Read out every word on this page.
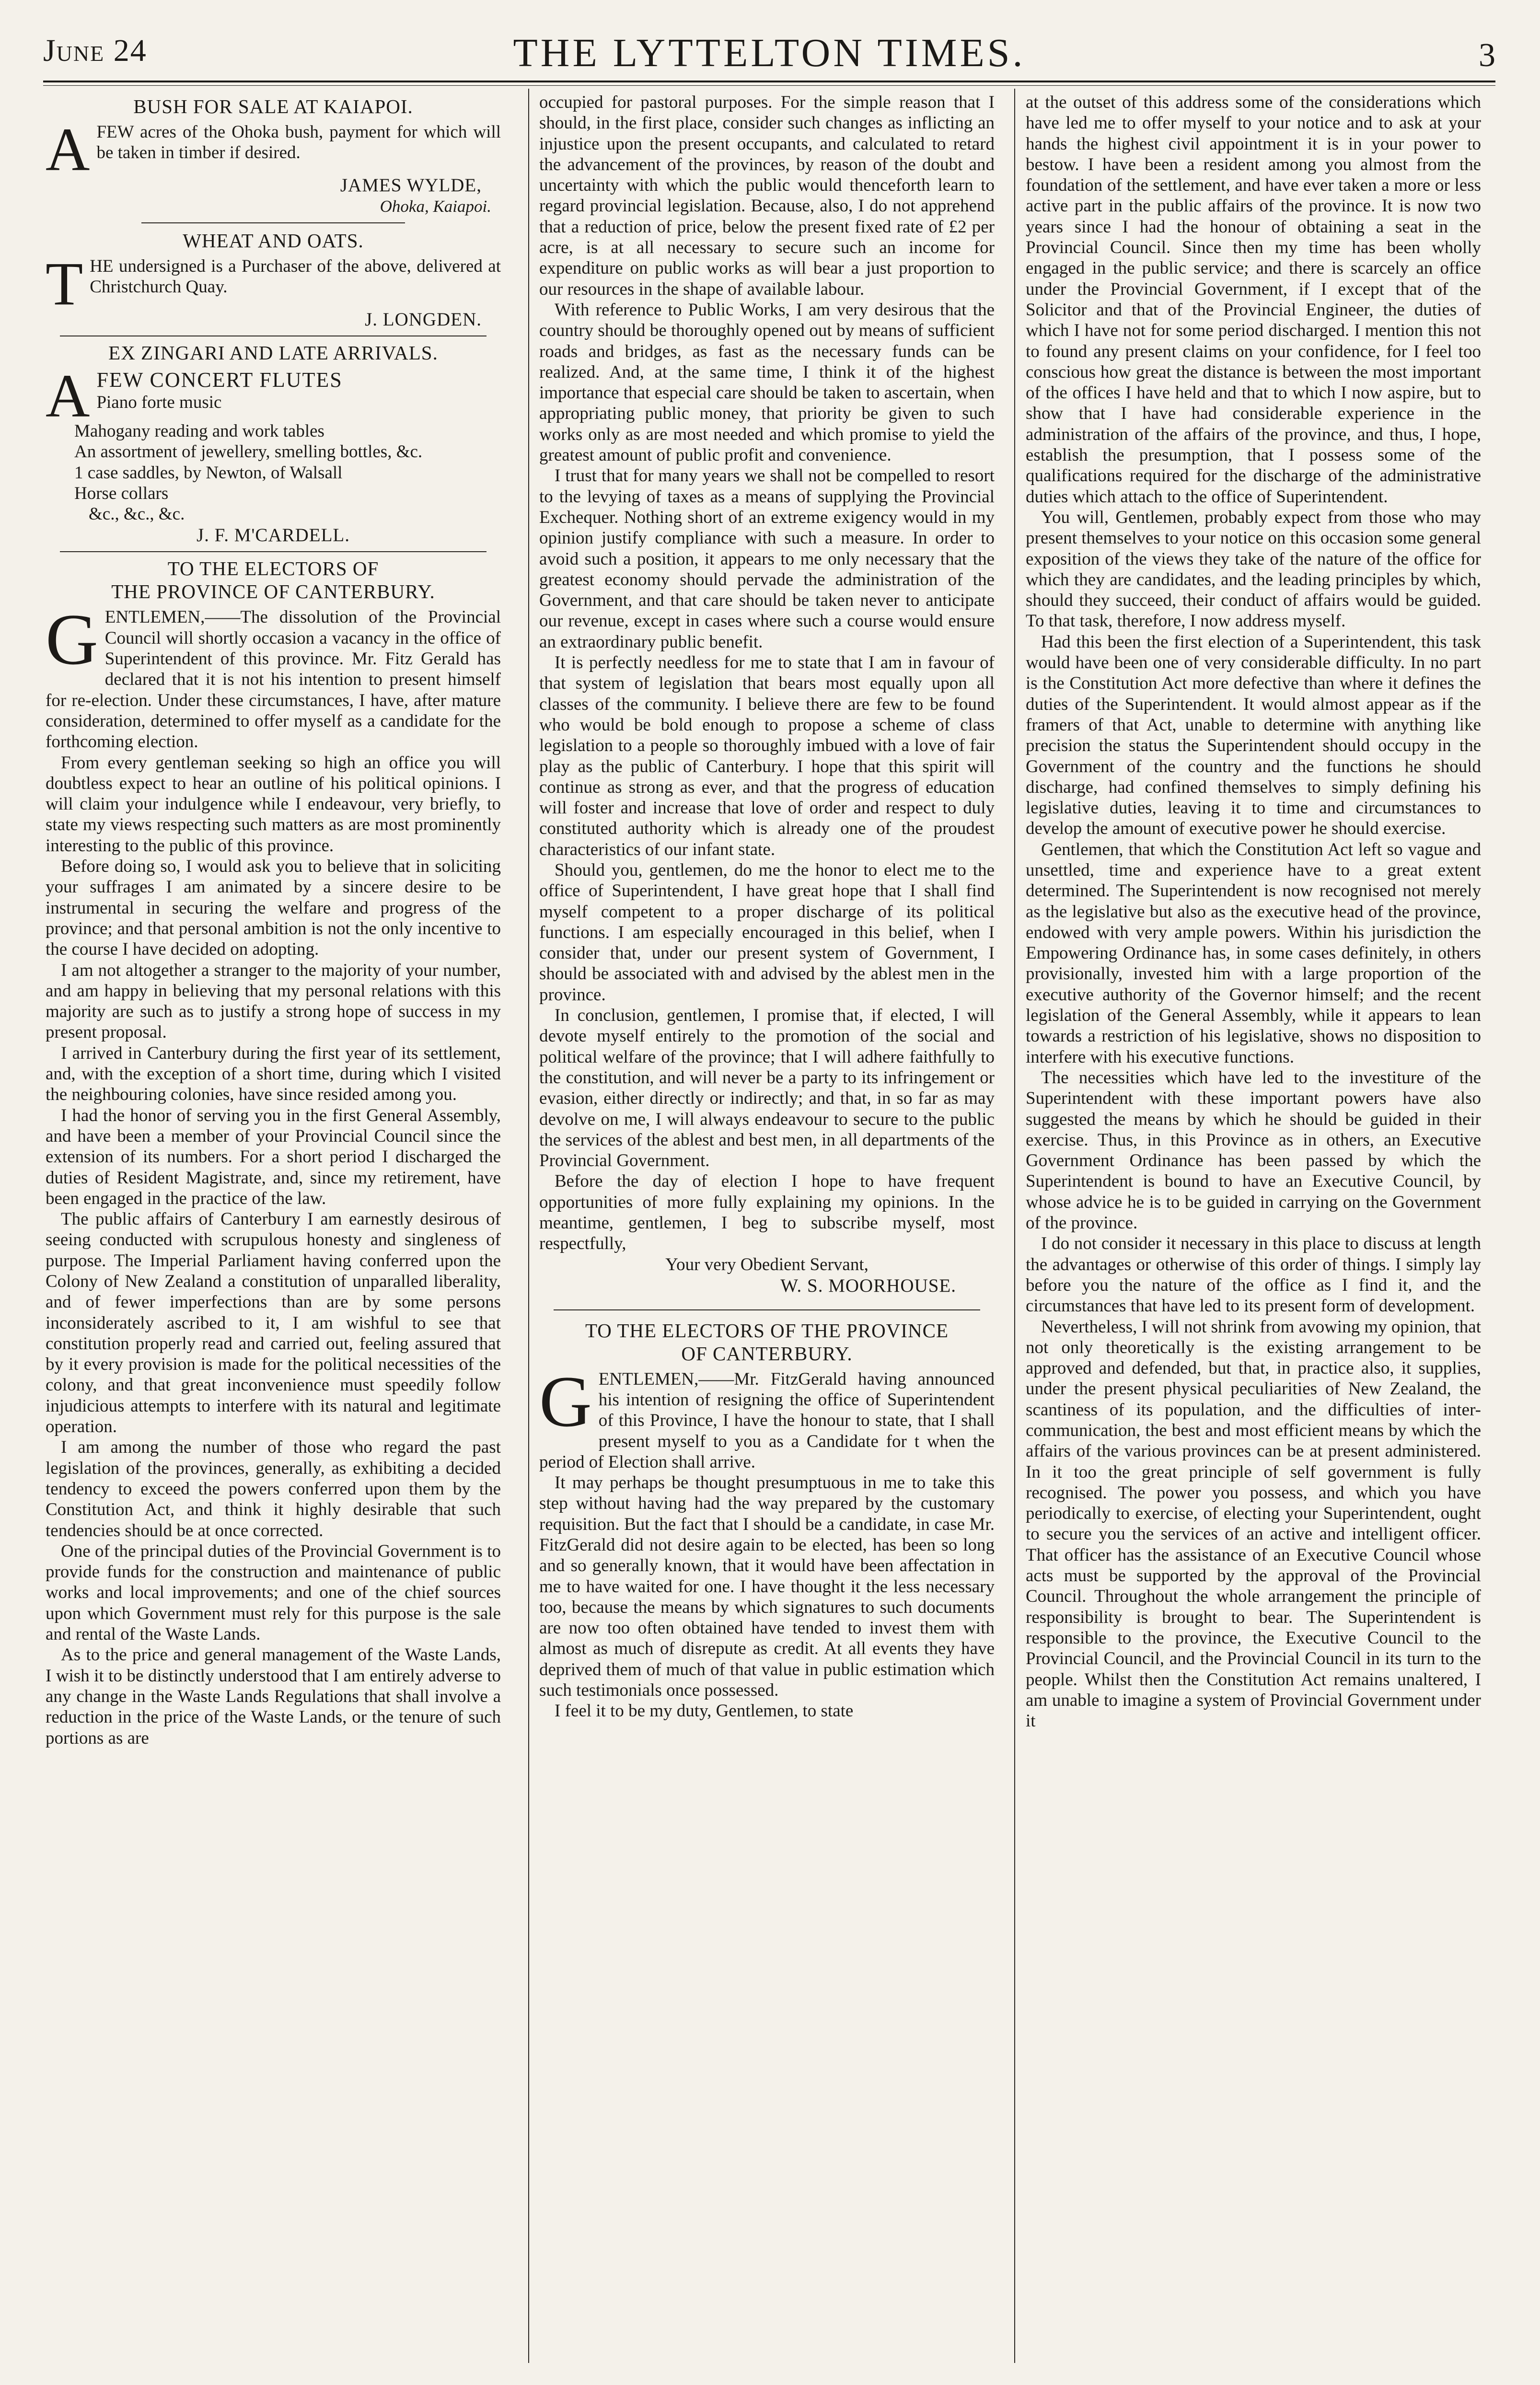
June 24	THE LYTTELTON TIMES.	3
BUSH FOR SALE AT KAIAPOI.
A FEW acres of the Ohoka bush, payment for which will be taken in timber if desired.

JAMES WYLDE,
Ohoka, Kaiapoi.
WHEAT AND OATS.
T HE undersigned is a Purchaser of the above, delivered at Christchurch Quay.

J. LONGDEN.
EX ZINGARI AND LATE ARRIVALS.
A FEW CONCERT FLUTES

Piano forte music

Mahogany reading and work tables

An assortment of jewellery, smelling bottles, &c.

1 case saddles, by Newton, of Walsall

Horse collars

&c., &c., &c.

J. F. M'CARDELL.
TO THE ELECTORS OF
THE PROVINCE OF CANTERBURY.
G ENTLEMEN,——The dissolution of the Provincial Council will shortly occasion a vacancy in the office of Superintendent of this province. Mr. Fitz Gerald has declared that it is not his intention to present himself for re-election. Under these circumstances, I have, after mature consideration, determined to offer myself as a candidate for the forthcoming election.

From every gentleman seeking so high an office you will doubtless expect to hear an outline of his political opinions. I will claim your indulgence while I endeavour, very briefly, to state my views respecting such matters as are most prominently interesting to the public of this province.

Before doing so, I would ask you to believe that in soliciting your suffrages I am animated by a sincere desire to be instrumental in securing the welfare and progress of the province; and that personal ambition is not the only incentive to the course I have decided on adopting.

I am not altogether a stranger to the majority of your number, and am happy in believing that my personal relations with this majority are such as to justify a strong hope of success in my present proposal.

I arrived in Canterbury during the first year of its settlement, and, with the exception of a short time, during which I visited the neighbouring colonies, have since resided among you.

I had the honor of serving you in the first General Assembly, and have been a member of your Provincial Council since the extension of its numbers. For a short period I discharged the duties of Resident Magistrate, and, since my retirement, have been engaged in the practice of the law.

The public affairs of Canterbury I am earnestly desirous of seeing conducted with scrupulous honesty and singleness of purpose. The Imperial Parliament having conferred upon the Colony of New Zealand a constitution of unparalled liberality, and of fewer imperfections than are by some persons inconsiderately ascribed to it, I am wishful to see that constitution properly read and carried out, feeling assured that by it every provision is made for the political necessities of the colony, and that great inconvenience must speedily follow injudicious attempts to interfere with its natural and legitimate operation.

I am among the number of those who regard the past legislation of the provinces, generally, as exhibiting a decided tendency to exceed the powers conferred upon them by the Constitution Act, and think it highly desirable that such tendencies should be at once corrected.

One of the principal duties of the Provincial Government is to provide funds for the construction and maintenance of public works and local improvements; and one of the chief sources upon which Government must rely for this purpose is the sale and rental of the Waste Lands.

As to the price and general management of the Waste Lands, I wish it to be distinctly understood that I am entirely adverse to any change in the Waste Lands Regulations that shall involve a reduction in the price of the Waste Lands, or the tenure of such portions as are

occupied for pastoral purposes. For the simple reason that I should, in the first place, consider such changes as inflicting an injustice upon the present occupants, and calculated to retard the advancement of the provinces, by reason of the doubt and uncertainty with which the public would thenceforth learn to regard provincial legislation. Because, also, I do not apprehend that a reduction of price, below the present fixed rate of £2 per acre, is at all necessary to secure such an income for expenditure on public works as will bear a just proportion to our resources in the shape of available labour.

With reference to Public Works, I am very desirous that the country should be thoroughly opened out by means of sufficient roads and bridges, as fast as the necessary funds can be realized. And, at the same time, I think it of the highest importance that especial care should be taken to ascertain, when appropriating public money, that priority be given to such works only as are most needed and which promise to yield the greatest amount of public profit and convenience.

I trust that for many years we shall not be compelled to resort to the levying of taxes as a means of supplying the Provincial Exchequer. Nothing short of an extreme exigency would in my opinion justify compliance with such a measure. In order to avoid such a position, it appears to me only necessary that the greatest economy should pervade the administration of the Government, and that care should be taken never to anticipate our revenue, except in cases where such a course would ensure an extraordinary public benefit.

It is perfectly needless for me to state that I am in favour of that system of legislation that bears most equally upon all classes of the community. I believe there are few to be found who would be bold enough to propose a scheme of class legislation to a people so thoroughly imbued with a love of fair play as the public of Canterbury. I hope that this spirit will continue as strong as ever, and that the progress of education will foster and increase that love of order and respect to duly constituted authority which is already one of the proudest characteristics of our infant state.

Should you, gentlemen, do me the honor to elect me to the office of Superintendent, I have great hope that I shall find myself competent to a proper discharge of its political functions. I am especially encouraged in this belief, when I consider that, under our present system of Government, I should be associated with and advised by the ablest men in the province.

In conclusion, gentlemen, I promise that, if elected, I will devote myself entirely to the promotion of the social and political welfare of the province; that I will adhere faithfully to the constitution, and will never be a party to its infringement or evasion, either directly or indirectly; and that, in so far as may devolve on me, I will always endeavour to secure to the public the services of the ablest and best men, in all departments of the Provincial Government.

Before the day of election I hope to have frequent opportunities of more fully explaining my opinions. In the meantime, gentlemen, I beg to subscribe myself, most respectfully,

Your very Obedient Servant,
W. S. MOORHOUSE.
TO THE ELECTORS OF THE PROVINCE
OF CANTERBURY.
G ENTLEMEN,——Mr. FitzGerald having announced his intention of resigning the office of Superintendent of this Province, I have the honour to state, that I shall present myself to you as a Candidate for t when the period of Election shall arrive.

It may perhaps be thought presumptuous in me to take this step without having had the way prepared by the customary requisition. But the fact that I should be a candidate, in case Mr. FitzGerald did not desire again to be elected, has been so long and so generally known, that it would have been affectation in me to have waited for one. I have thought it the less necessary too, because the means by which signatures to such documents are now too often obtained have tended to invest them with almost as much of disrepute as credit. At all events they have deprived them of much of that value in public estimation which such testimonials once possessed.

I feel it to be my duty, Gentlemen, to state

at the outset of this address some of the considerations which have led me to offer myself to your notice and to ask at your hands the highest civil appointment it is in your power to bestow. I have been a resident among you almost from the foundation of the settlement, and have ever taken a more or less active part in the public affairs of the province. It is now two years since I had the honour of obtaining a seat in the Provincial Council. Since then my time has been wholly engaged in the public service; and there is scarcely an office under the Provincial Government, if I except that of the Solicitor and that of the Provincial Engineer, the duties of which I have not for some period discharged. I mention this not to found any present claims on your confidence, for I feel too conscious how great the distance is between the most important of the offices I have held and that to which I now aspire, but to show that I have had considerable experience in the administration of the affairs of the province, and thus, I hope, establish the presumption, that I possess some of the qualifications required for the discharge of the administrative duties which attach to the office of Superintendent.

You will, Gentlemen, probably expect from those who may present themselves to your notice on this occasion some general exposition of the views they take of the nature of the office for which they are candidates, and the leading principles by which, should they succeed, their conduct of affairs would be guided. To that task, therefore, I now address myself.

Had this been the first election of a Superintendent, this task would have been one of very considerable difficulty. In no part is the Constitution Act more defective than where it defines the duties of the Superintendent. It would almost appear as if the framers of that Act, unable to determine with anything like precision the status the Superintendent should occupy in the Government of the country and the functions he should discharge, had confined themselves to simply defining his legislative duties, leaving it to time and circumstances to develop the amount of executive power he should exercise.

Gentlemen, that which the Constitution Act left so vague and unsettled, time and experience have to a great extent determined. The Superintendent is now recognised not merely as the legislative but also as the executive head of the province, endowed with very ample powers. Within his jurisdiction the Empowering Ordinance has, in some cases definitely, in others provisionally, invested him with a large proportion of the executive authority of the Governor himself; and the recent legislation of the General Assembly, while it appears to lean towards a restriction of his legislative, shows no disposition to interfere with his executive functions.

The necessities which have led to the investiture of the Superintendent with these important powers have also suggested the means by which he should be guided in their exercise. Thus, in this Province as in others, an Executive Government Ordinance has been passed by which the Superintendent is bound to have an Executive Council, by whose advice he is to be guided in carrying on the Government of the province.

I do not consider it necessary in this place to discuss at length the advantages or otherwise of this order of things. I simply lay before you the nature of the office as I find it, and the circumstances that have led to its present form of development.

Nevertheless, I will not shrink from avowing my opinion, that not only theoretically is the existing arrangement to be approved and defended, but that, in practice also, it supplies, under the present physical peculiarities of New Zealand, the scantiness of its population, and the difficulties of inter-communication, the best and most efficient means by which the affairs of the various provinces can be at present administered. In it too the great principle of self government is fully recognised. The power you possess, and which you have periodically to exercise, of electing your Superintendent, ought to secure you the services of an active and intelligent officer. That officer has the assistance of an Executive Council whose acts must be supported by the approval of the Provincial Council. Throughout the whole arrangement the principle of responsibility is brought to bear. The Superintendent is responsible to the province, the Executive Council to the Provincial Council, and the Provincial Council in its turn to the people. Whilst then the Constitution Act remains unaltered, I am unable to imagine a system of Provincial Government under it
